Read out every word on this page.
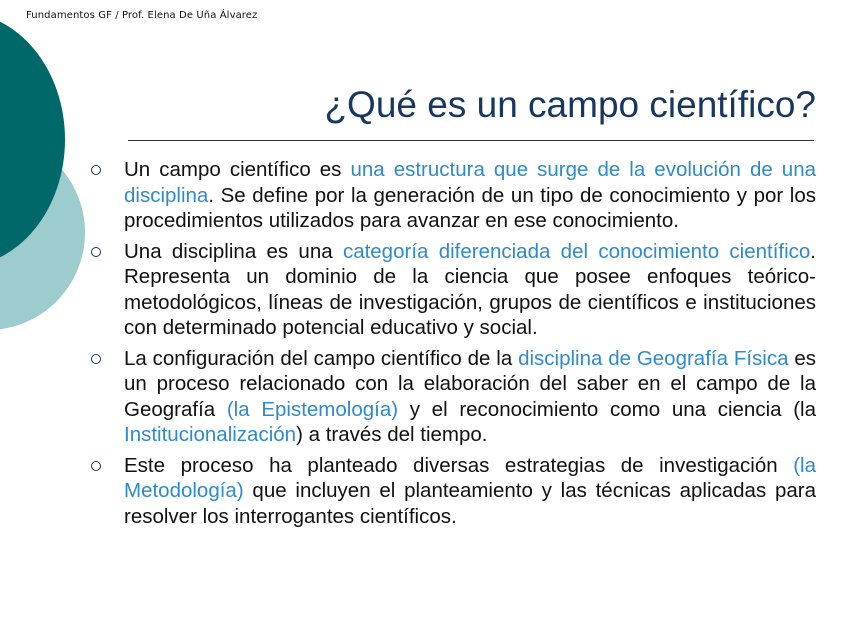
Fundamentos GF / Prof. Elena De Uña Álvarez
¿Qué es un campo científico?
Un campo científico es una estructura que surge de la evolución de una disciplina. Se define por la generación de un tipo de conocimiento y por los procedimientos utilizados para avanzar en ese conocimiento.
Una disciplina es una categoría diferenciada del conocimiento científico. Representa un dominio de la ciencia que posee enfoques teórico-metodológicos, líneas de investigación, grupos de científicos e instituciones con determinado potencial educativo y social.
La configuración del campo científico de la disciplina de Geografía Física es un proceso relacionado con la elaboración del saber en el campo de la Geografía (la Epistemología) y el reconocimiento como una ciencia (la Institucionalización) a través del tiempo.
Este proceso ha planteado diversas estrategias de investigación (la Metodología) que incluyen el planteamiento y las técnicas aplicadas para resolver los interrogantes científicos.
